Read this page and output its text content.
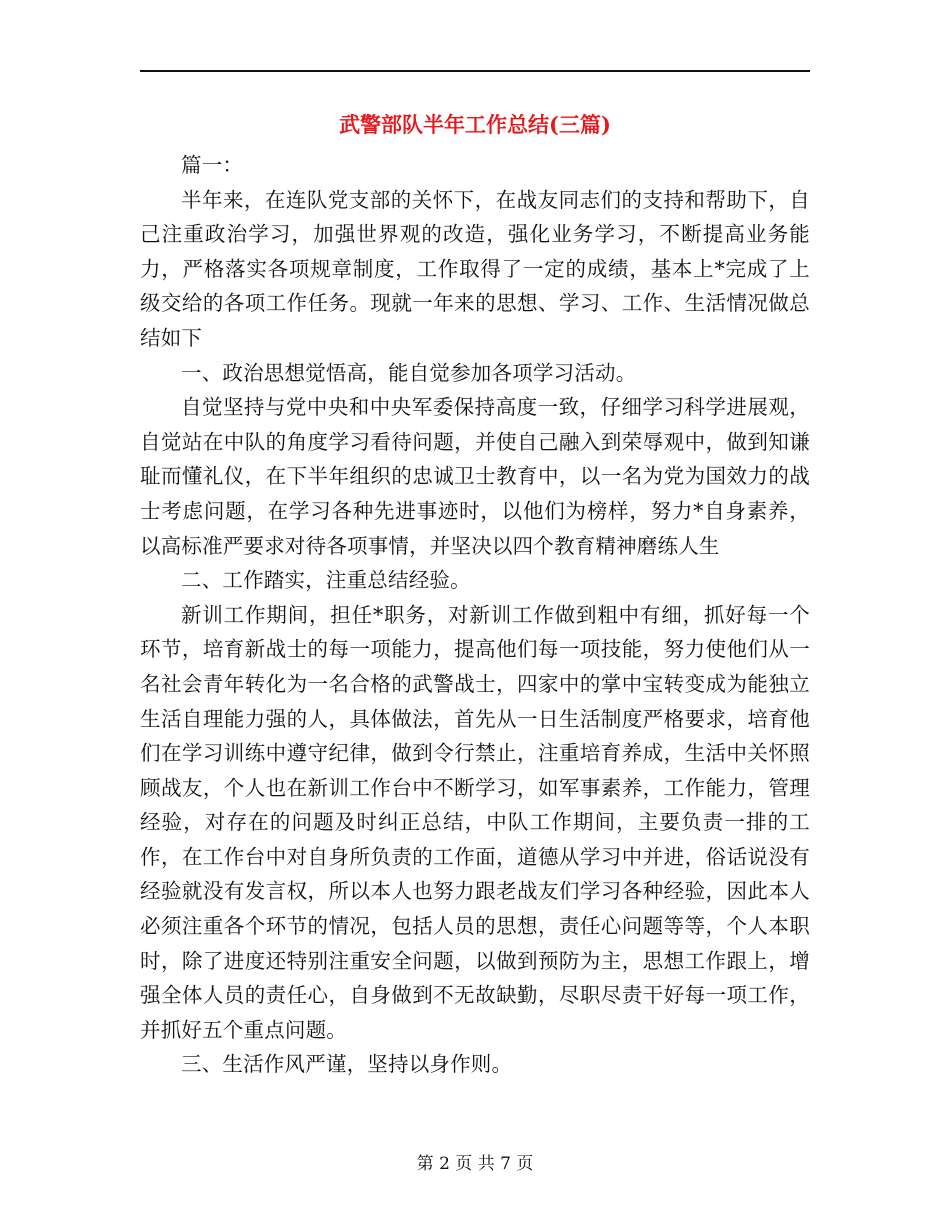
武警部队半年工作总结(三篇)

篇一：

半年来，在连队党支部的关怀下，在战友同志们的支持和帮助下，自己注重政治学习，加强世界观的改造，强化业务学习，不断提高业务能力，严格落实各项规章制度，工作取得了一定的成绩，基本上*完成了上级交给的各项工作任务。现就一年来的思想、学习、工作、生活情况做总结如下

一、政治思想觉悟高，能自觉参加各项学习活动。

自觉坚持与党中央和中央军委保持高度一致，仔细学习科学进展观，自觉站在中队的角度学习看待问题，并使自己融入到荣辱观中，做到知谦耻而懂礼仪，在下半年组织的忠诚卫士教育中，以一名为党为国效力的战士考虑问题，在学习各种先进事迹时，以他们为榜样，努力*自身素养，以高标准严要求对待各项事情，并坚决以四个教育精神磨练人生

二、工作踏实，注重总结经验。

新训工作期间，担任*职务，对新训工作做到粗中有细，抓好每一个环节，培育新战士的每一项能力，提高他们每一项技能，努力使他们从一名社会青年转化为一名合格的武警战士，四家中的掌中宝转变成为能独立生活自理能力强的人，具体做法，首先从一日生活制度严格要求，培育他们在学习训练中遵守纪律，做到令行禁止，注重培育养成，生活中关怀照顾战友，个人也在新训工作台中不断学习，如军事素养，工作能力，管理经验，对存在的问题及时纠正总结，中队工作期间，主要负责一排的工作，在工作台中对自身所负责的工作面，道德从学习中并进，俗话说没有经验就没有发言权，所以本人也努力跟老战友们学习各种经验，因此本人必须注重各个环节的情况，包括人员的思想，责任心问题等等，个人本职时，除了进度还特别注重安全问题，以做到预防为主，思想工作跟上，增强全体人员的责任心，自身做到不无故缺勤，尽职尽责干好每一项工作，并抓好五个重点问题。

三、生活作风严谨，坚持以身作则。

第 2 页 共 7 页
